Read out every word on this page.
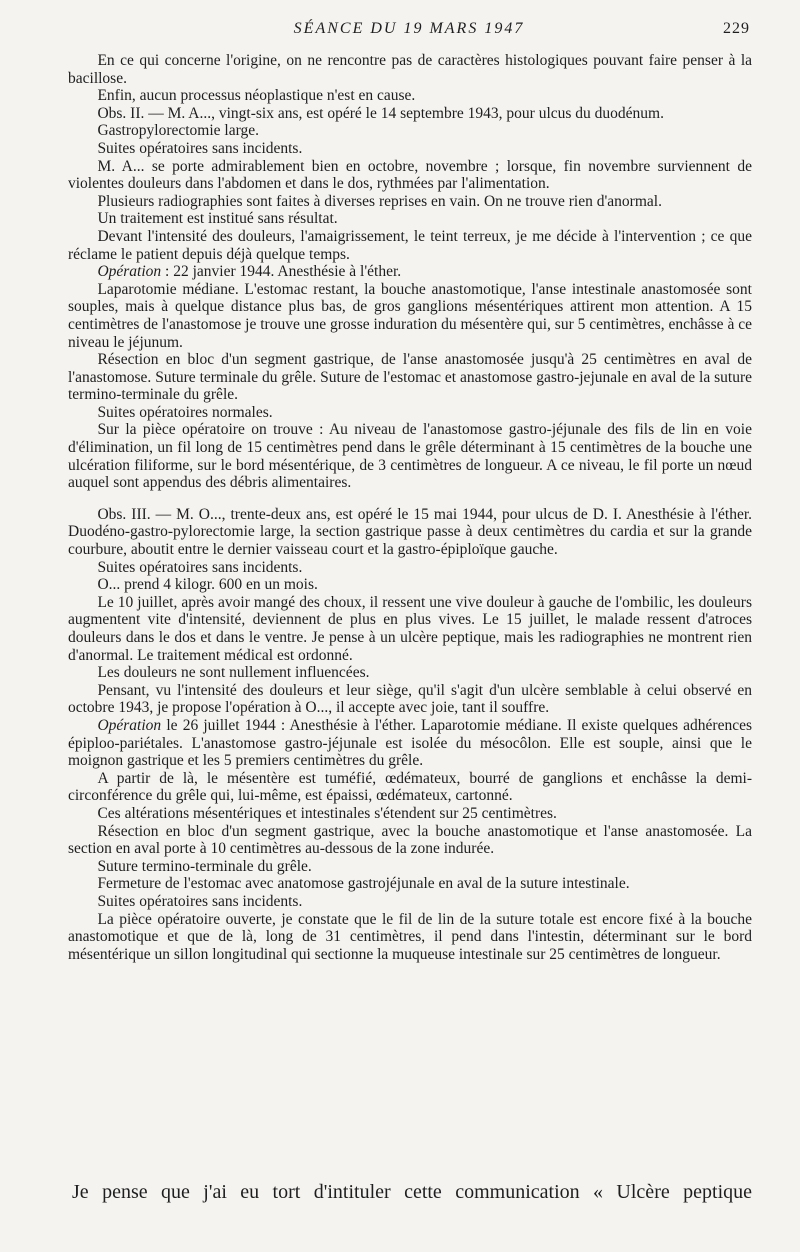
SÉANCE DU 19 MARS 1947	229

En ce qui concerne l'origine, on ne rencontre pas de caractères histologiques pouvant faire penser à la bacillose.

Enfin, aucun processus néoplastique n'est en cause.

Obs. II. — M. A..., vingt-six ans, est opéré le 14 septembre 1943, pour ulcus du duodénum.

Gastropylorectomie large.

Suites opératoires sans incidents.

M. A... se porte admirablement bien en octobre, novembre ; lorsque, fin novembre surviennent de violentes douleurs dans l'abdomen et dans le dos, rythmées par l'alimentation.

Plusieurs radiographies sont faites à diverses reprises en vain. On ne trouve rien d'anormal.

Un traitement est institué sans résultat.

Devant l'intensité des douleurs, l'amaigrissement, le teint terreux, je me décide à l'intervention ; ce que réclame le patient depuis déjà quelque temps.

Opération : 22 janvier 1944. Anesthésie à l'éther.

Laparotomie médiane. L'estomac restant, la bouche anastomotique, l'anse intestinale anastomosée sont souples, mais à quelque distance plus bas, de gros ganglions mésentériques attirent mon attention. A 15 centimètres de l'anastomose je trouve une grosse induration du mésentère qui, sur 5 centimètres, enchâsse à ce niveau le jéjunum.

Résection en bloc d'un segment gastrique, de l'anse anastomosée jusqu'à 25 centimètres en aval de l'anastomose. Suture terminale du grêle. Suture de l'estomac et anastomose gastro-jejunale en aval de la suture termino-terminale du grêle.

Suites opératoires normales.

Sur la pièce opératoire on trouve : Au niveau de l'anastomose gastro-jéjunale des fils de lin en voie d'élimination, un fil long de 15 centimètres pend dans le grêle déterminant à 15 centimètres de la bouche une ulcération filiforme, sur le bord mésentérique, de 3 centimètres de longueur. A ce niveau, le fil porte un nœud auquel sont appendus des débris alimentaires.

Obs. III. — M. O..., trente-deux ans, est opéré le 15 mai 1944, pour ulcus de D. I. Anesthésie à l'éther. Duodéno-gastro-pylorectomie large, la section gastrique passe à deux centimètres du cardia et sur la grande courbure, aboutit entre le dernier vaisseau court et la gastro-épiploïque gauche.

Suites opératoires sans incidents.

O... prend 4 kilogr. 600 en un mois.

Le 10 juillet, après avoir mangé des choux, il ressent une vive douleur à gauche de l'ombilic, les douleurs augmentent vite d'intensité, deviennent de plus en plus vives. Le 15 juillet, le malade ressent d'atroces douleurs dans le dos et dans le ventre. Je pense à un ulcère peptique, mais les radiographies ne montrent rien d'anormal. Le traitement médical est ordonné.

Les douleurs ne sont nullement influencées.

Pensant, vu l'intensité des douleurs et leur siège, qu'il s'agit d'un ulcère semblable à celui observé en octobre 1943, je propose l'opération à O..., il accepte avec joie, tant il souffre.

Opération le 26 juillet 1944 : Anesthésie à l'éther. Laparotomie médiane. Il existe quelques adhérences épiploo-pariétales. L'anastomose gastro-jéjunale est isolée du mésocôlon. Elle est souple, ainsi que le moignon gastrique et les 5 premiers centimètres du grêle.

A partir de là, le mésentère est tuméfié, œdémateux, bourré de ganglions et enchâsse la demi-circonférence du grêle qui, lui-même, est épaissi, œdémateux, cartonné.

Ces altérations mésentériques et intestinales s'étendent sur 25 centimètres.

Résection en bloc d'un segment gastrique, avec la bouche anastomotique et l'anse anastomosée. La section en aval porte à 10 centimètres au-dessous de la zone indurée.

Suture termino-terminale du grêle.

Fermeture de l'estomac avec anatomose gastrojéjunale en aval de la suture intestinale.

Suites opératoires sans incidents.

La pièce opératoire ouverte, je constate que le fil de lin de la suture totale est encore fixé à la bouche anastomotique et que de là, long de 31 centimètres, il pend dans l'intestin, déterminant sur le bord mésentérique un sillon longitudinal qui sectionne la muqueuse intestinale sur 25 centimètres de longueur.

Je pense que j'ai eu tort d'intituler cette communication « Ulcère peptique
